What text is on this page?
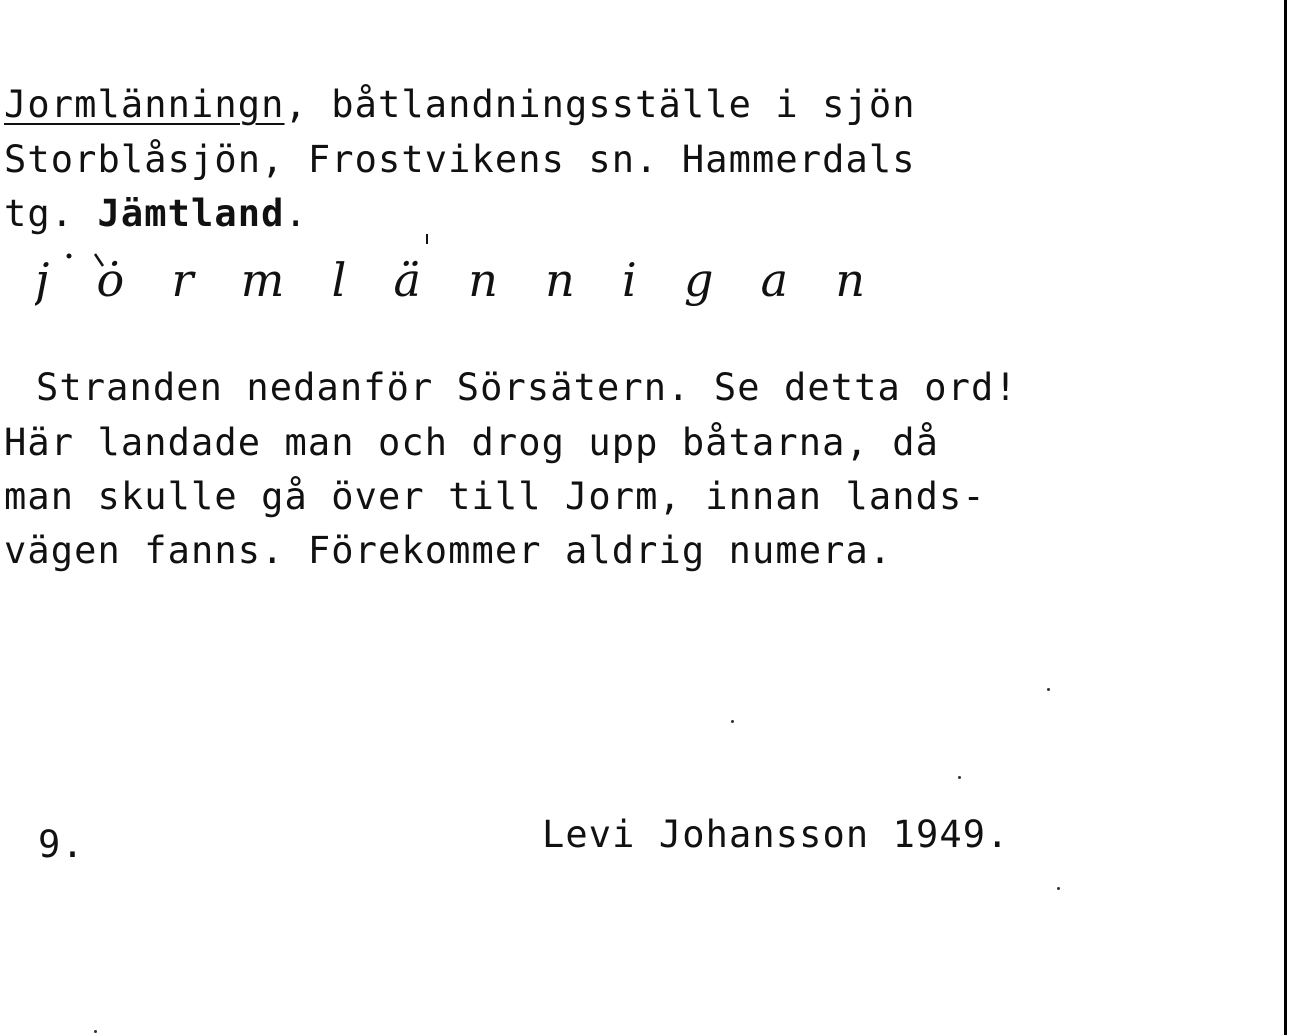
Jormlänningn, båtlandningsställe i sjön
Storblåsjön, Frostvikens sn. Hammerdals
tg. Jämtland.
jȯrmlännigan
Stranden nedanför Sörsätern. Se detta ord!
Här landade man och drog upp båtarna, då
man skulle gå över till Jorm, innan lands-
vägen fanns. Förekommer aldrig numera.
9.	Levi Johansson 1949.
